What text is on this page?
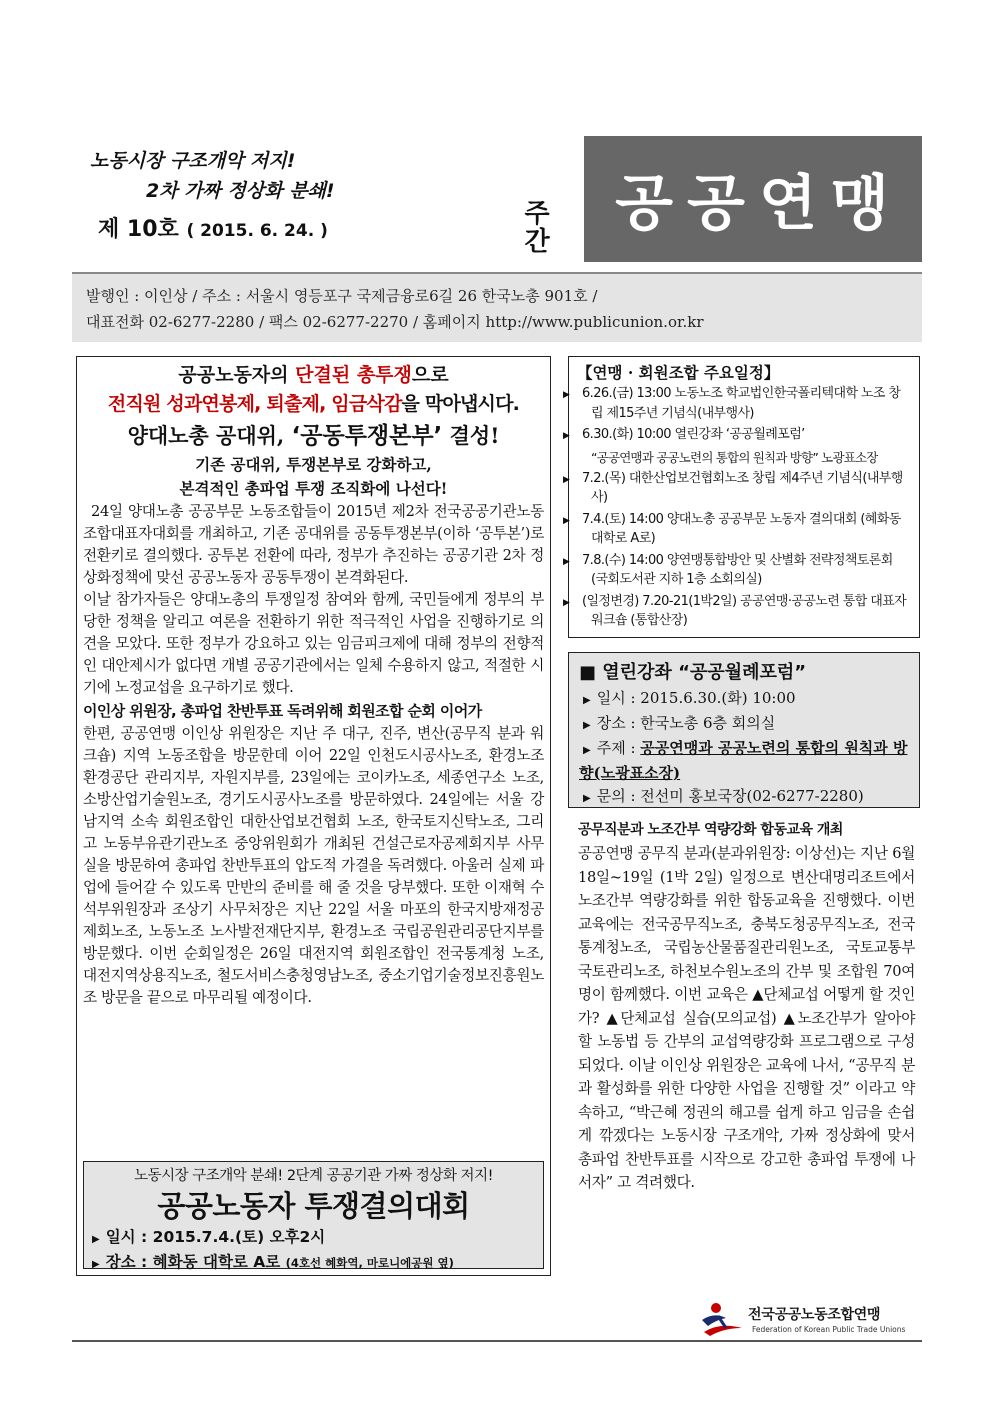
노동시장 구조개악 저지!
2차 가짜 정상화 분쇄!
제 10호 ( 2015. 6. 24. )
주간
공공연맹
발행인 : 이인상 / 주소 : 서울시 영등포구 국제금융로6길 26 한국노총 901호 /
대표전화 02-6277-2280 / 팩스 02-6277-2270 / 홈페이지 http://www.publicunion.or.kr
공공노동자의 단결된 총투쟁으로
전직원 성과연봉제, 퇴출제, 임금삭감을 막아냅시다.
양대노총 공대위, ‘공동투쟁본부’ 결성!
기존 공대위, 투쟁본부로 강화하고,
본격적인 총파업 투쟁 조직화에 나선다!

24일 양대노총 공공부문 노동조합들이 2015년 제2차 전국공공기관노동조합대표자대회를 개최하고, 기존 공대위를 공동투쟁본부(이하 ‘공투본’)로 전환키로 결의했다. 공투본 전환에 따라, 정부가 추진하는 공공기관 2차 정상화정책에 맞선 공공노동자 공동투쟁이 본격화된다.

이날 참가자들은 양대노총의 투쟁일정 참여와 함께, 국민들에게 정부의 부당한 정책을 알리고 여론을 전환하기 위한 적극적인 사업을 진행하기로 의견을 모았다. 또한 정부가 강요하고 있는 임금피크제에 대해 정부의 전향적인 대안제시가 없다면 개별 공공기관에서는 일체 수용하지 않고, 적절한 시기에 노정교섭을 요구하기로 했다.

이인상 위원장, 총파업 찬반투표 독려위해 회원조합 순회 이어가

한편, 공공연맹 이인상 위원장은 지난 주 대구, 진주, 변산(공무직 분과 워크숍) 지역 노동조합을 방문한데 이어 22일 인천도시공사노조, 환경노조 환경공단 관리지부, 자원지부를, 23일에는 코이카노조, 세종연구소 노조, 소방산업기술원노조, 경기도시공사노조를 방문하였다. 24일에는 서울 강남지역 소속 회원조합인 대한산업보건협회 노조, 한국토지신탁노조, 그리고 노동부유관기관노조 중앙위원회가 개최된 건설근로자공제회지부 사무실을 방문하여 총파업 찬반투표의 압도적 가결을 독려했다. 아울러 실제 파업에 들어갈 수 있도록 만반의 준비를 해 줄 것을 당부했다. 또한 이재혁 수석부위원장과 조상기 사무처장은 지난 22일 서울 마포의 한국지방재정공제회노조, 노동노조 노사발전재단지부, 환경노조 국립공원관리공단지부를 방문했다. 이번 순회일정은 26일 대전지역 회원조합인 전국통계청 노조, 대전지역상용직노조, 철도서비스충청영남노조, 중소기업기술정보진흥원노조 방문을 끝으로 마무리될 예정이다.

노동시장 구조개악 분쇄! 2단계 공공기관 가짜 정상화 저지!
공공노동자 투쟁결의대회
▶ 일시 : 2015.7.4.(토) 오후2시
▶ 장소 : 혜화동 대학로 A로 (4호선 혜화역, 마로니에공원 옆)
【연맹 · 회원조합 주요일정】
▶ 6.26.(금) 13:00 노동노조 학교법인한국폴리텍대학 노조 창립 제15주년 기념식(내부행사)
▶ 6.30.(화) 10:00 열린강좌 ‘공공월례포럼’
“공공연맹과 공공노련의 통합의 원칙과 방향” 노광표소장
▶ 7.2.(목) 대한산업보건협회노조 창립 제4주년 기념식(내부행사)
▶ 7.4.(토) 14:00 양대노총 공공부문 노동자 결의대회 (혜화동 대학로 A로)
▶ 7.8.(수) 14:00 양연맹통합방안 및 산별화 전략정책토론회 (국회도서관 지하 1층 소회의실)
▶ (일정변경) 7.20-21(1박2일) 공공연맹·공공노련 통합 대표자 워크숍 (통합산장)
■ 열린강좌 “공공월례포럼”
▶ 일시 : 2015.6.30.(화) 10:00
▶ 장소 : 한국노총 6층 회의실
▶ 주제 : 공공연맹과 공공노련의 통합의 원칙과 방향(노광표소장)
▶ 문의 : 전선미 홍보국장(02-6277-2280)
공무직분과 노조간부 역량강화 합동교육 개최

공공연맹 공무직 분과(분과위원장: 이상선)는 지난 6월18일~19일 (1박 2일) 일정으로 변산대명리조트에서 노조간부 역량강화를 위한 합동교육을 진행했다. 이번 교육에는 전국공무직노조, 충북도청공무직노조, 전국통계청노조, 국립농산물품질관리원노조, 국토교통부 국토관리노조, 하천보수원노조의 간부 및 조합원 70여명이 함께했다. 이번 교육은 ▲단체교섭 어떻게 할 것인가? ▲단체교섭 실습(모의교섭) ▲노조간부가 알아야 할 노동법 등 간부의 교섭역량강화 프로그램으로 구성되었다. 이날 이인상 위원장은 교육에 나서, “공무직 분과 활성화를 위한 다양한 사업을 진행할 것” 이라고 약속하고, “박근혜 정권의 해고를 쉽게 하고 임금을 손쉽게 깎겠다는 노동시장 구조개악, 가짜 정상화에 맞서 총파업 찬반투표를 시작으로 강고한 총파업 투쟁에 나서자” 고 격려했다.

전국공공노동조합연맹
Federation of Korean Public Trade Unions
